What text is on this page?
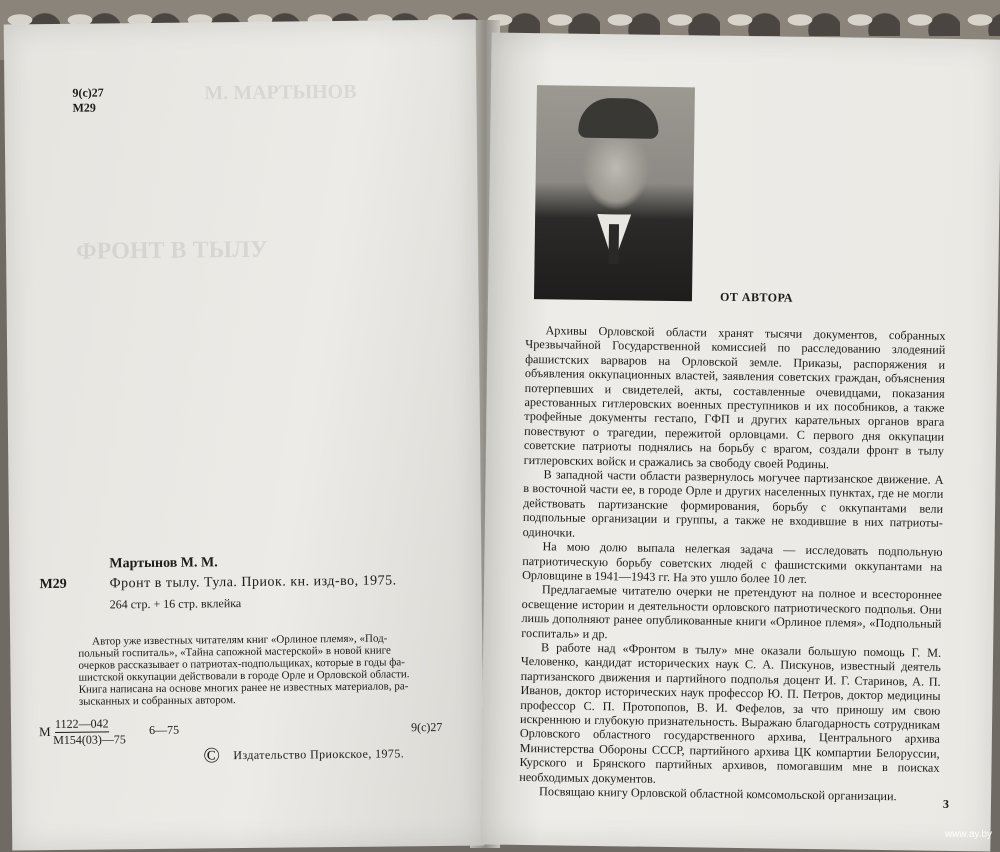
9(с)27
М29
М. МАРТЫНОВ
ФРОНТ В ТЫЛУ
Мартынов М. М.
М29	Фронт в тылу. Тула. Приок. кн. изд-во, 1975.
264 стр. + 16 стр. вклейка
Автор уже известных читателям книг «Орлиное племя», «Под-
польный госпиталь», «Тайна сапожной мастерской» в новой книге
очерков рассказывает о патриотах-подпольщиках, которые в годы фа-
шистской оккупации действовали в городе Орле и Орловской области.
Книга написана на основе многих ранее не известных материалов, ра-
зысканных и собранных автором.
М
1122—042
М154(03)—75
6—75	9(с)27
© Издательство Приокское, 1975.
ОТ АВТОРА

Архивы Орловской области хранят тысячи документов, собранных Чрезвычайной Государственной комиссией по расследованию злодеяний фашистских варваров на Орловской земле. Приказы, распоряжения и объявления оккупационных властей, заявления советских граждан, объяснения потерпевших и свидетелей, акты, составленные очевидцами, показания арестованных гитлеровских военных преступников и их пособников, а также трофейные документы гестапо, ГФП и других карательных органов врага повествуют о трагедии, пережитой орловцами. С первого дня оккупации советские патриоты поднялись на борьбу с врагом, создали фронт в тылу гитлеровских войск и сражались за свободу своей Родины.

В западной части области развернулось могучее партизанское движение. А в восточной части ее, в городе Орле и других населенных пунктах, где не могли действовать партизанские формирования, борьбу с оккупантами вели подпольные организации и группы, а также не входившие в них патриоты-одиночки.

На мою долю выпала нелегкая задача — исследовать подпольную патриотическую борьбу советских людей с фашистскими оккупантами на Орловщине в 1941—1943 гг. На это ушло более 10 лет.

Предлагаемые читателю очерки не претендуют на полное и всестороннее освещение истории и деятельности орловского патриотического подполья. Они лишь дополняют ранее опубликованные книги «Орлиное племя», «Подпольный госпиталь» и др.

В работе над «Фронтом в тылу» мне оказали большую помощь Г. М. Человенко, кандидат исторических наук С. А. Пискунов, известный деятель партизанского движения и партийного подполья доцент И. Г. Старинов, А. П. Иванов, доктор исторических наук профессор Ю. П. Петров, доктор медицины профессор С. П. Протопопов, В. И. Фефелов, за что приношу им свою искреннюю и глубокую признательность. Выражаю благодарность сотрудникам Орловского областного государственного архива, Центрального архива Министерства Обороны СССР, партийного архива ЦК компартии Белоруссии, Курского и Брянского партийных архивов, помогавшим мне в поисках необходимых документов.

Посвящаю книгу Орловской областной комсомольской организации.

3
www.ay.by
